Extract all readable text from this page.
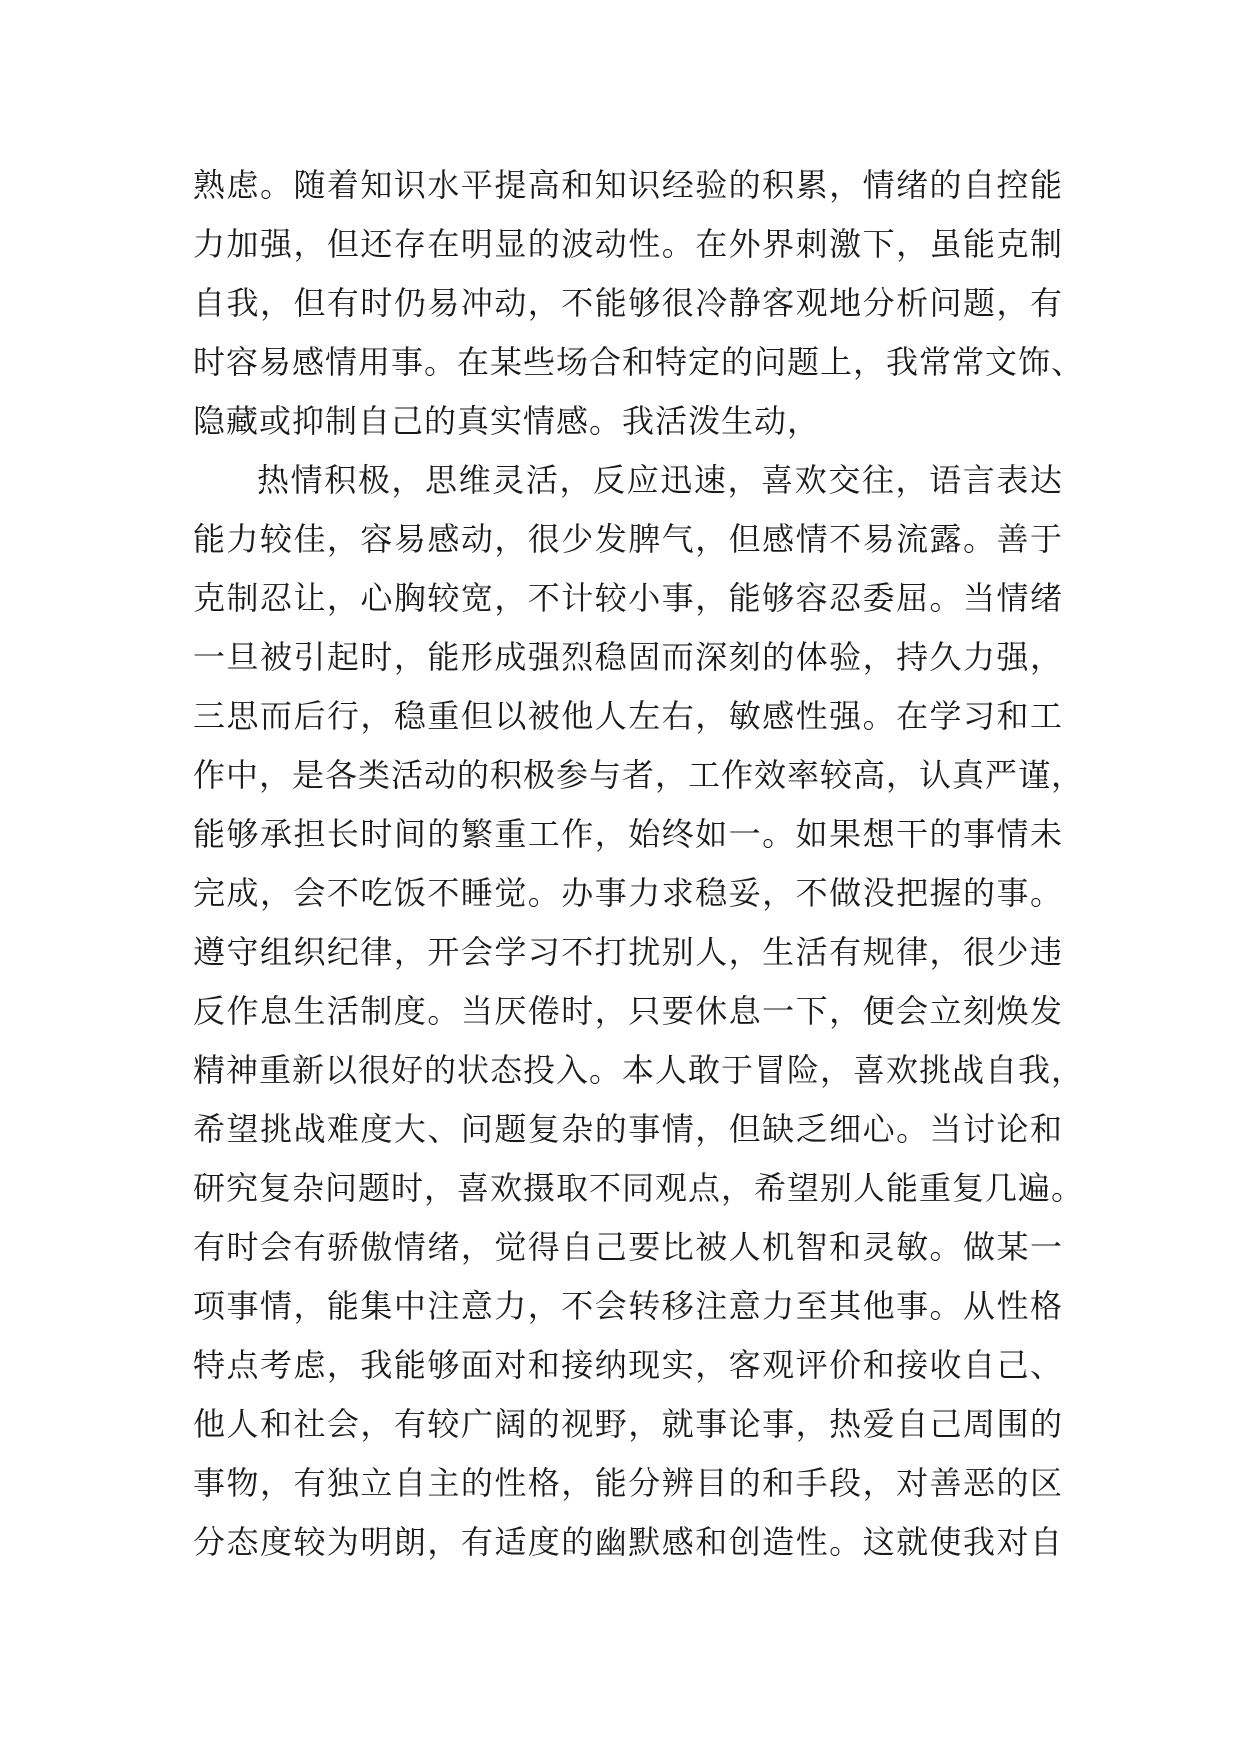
熟虑。随着知识水平提高和知识经验的积累，情绪的自控能
力加强，但还存在明显的波动性。在外界刺激下，虽能克制
自我，但有时仍易冲动，不能够很冷静客观地分析问题，有
时容易感情用事。在某些场合和特定的问题上，我常常文饰、
隐藏或抑制自己的真实情感。我活泼生动，
热情积极，思维灵活，反应迅速，喜欢交往，语言表达
能力较佳，容易感动，很少发脾气，但感情不易流露。善于
克制忍让，心胸较宽，不计较小事，能够容忍委屈。当情绪
一旦被引起时，能形成强烈稳固而深刻的体验，持久力强，
三思而后行，稳重但以被他人左右，敏感性强。在学习和工
作中，是各类活动的积极参与者，工作效率较高，认真严谨，
能够承担长时间的繁重工作，始终如一。如果想干的事情未
完成，会不吃饭不睡觉。办事力求稳妥，不做没把握的事。
遵守组织纪律，开会学习不打扰别人，生活有规律，很少违
反作息生活制度。当厌倦时，只要休息一下，便会立刻焕发
精神重新以很好的状态投入。本人敢于冒险，喜欢挑战自我，
希望挑战难度大、问题复杂的事情，但缺乏细心。当讨论和
研究复杂问题时，喜欢摄取不同观点，希望别人能重复几遍。
有时会有骄傲情绪，觉得自己要比被人机智和灵敏。做某一
项事情，能集中注意力，不会转移注意力至其他事。从性格
特点考虑，我能够面对和接纳现实，客观评价和接收自己、
他人和社会，有较广阔的视野，就事论事，热爱自己周围的
事物，有独立自主的性格，能分辨目的和手段，对善恶的区
分态度较为明朗，有适度的幽默感和创造性。这就使我对自
